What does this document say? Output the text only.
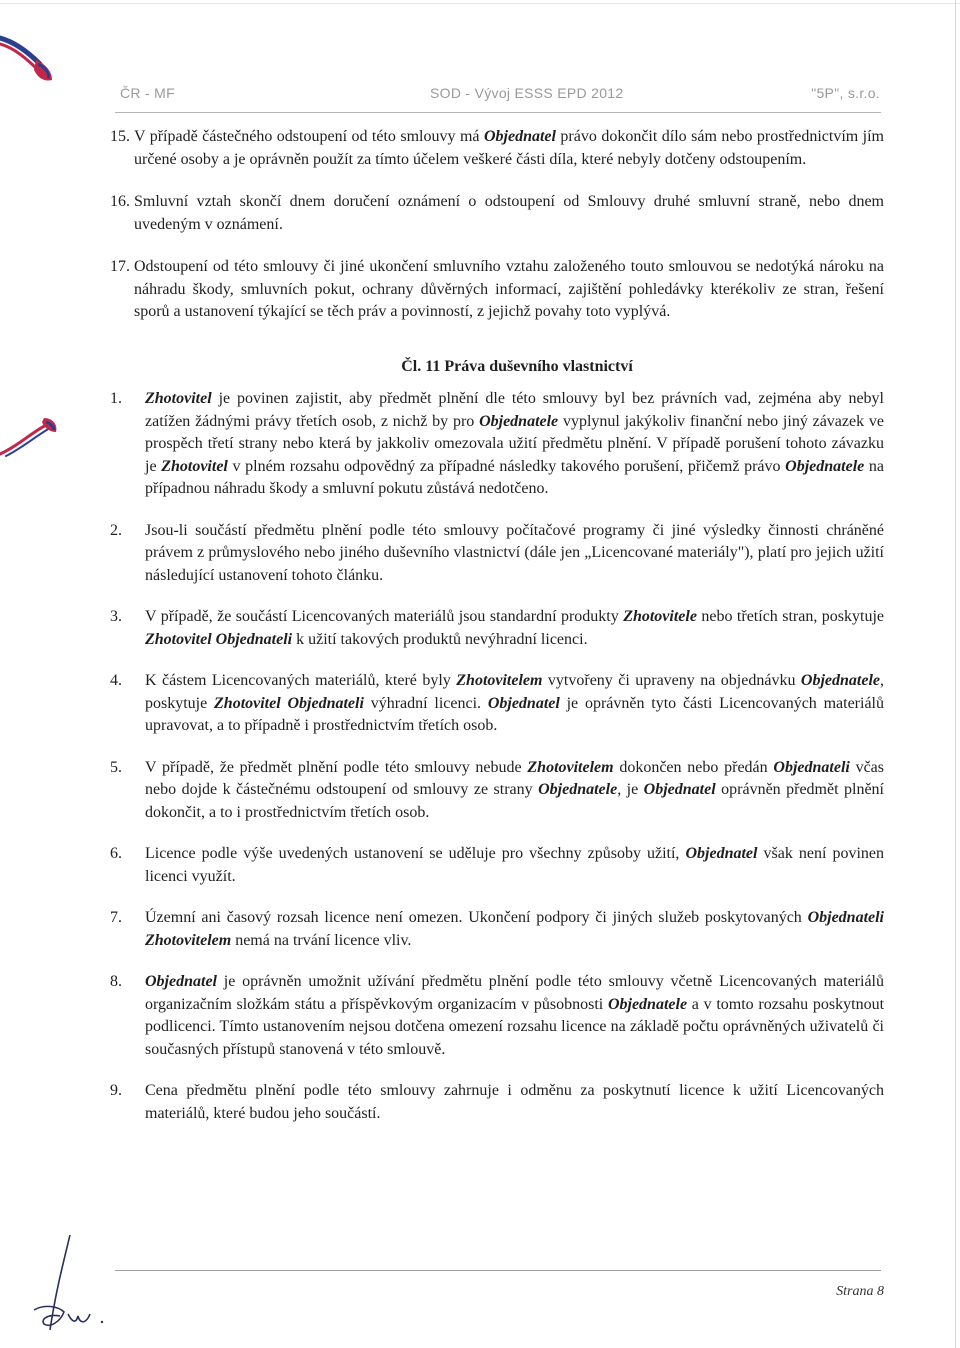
ČR - MF	SOD - Vývoj ESSS EPD 2012	"5P", s.r.o.
15.
V případě částečného odstoupení od této smlouvy má Objednatel právo dokončit dílo sám nebo prostřednictvím jím určené osoby a je oprávněn použít za tímto účelem veškeré části díla, které nebyly dotčeny odstoupením.
16.
Smluvní vztah skončí dnem doručení oznámení o odstoupení od Smlouvy druhé smluvní straně, nebo dnem uvedeným v oznámení.
17.
Odstoupení od této smlouvy či jiné ukončení smluvního vztahu založeného touto smlouvou se nedotýká nároku na náhradu škody, smluvních pokut, ochrany důvěrných informací, zajištění pohledávky kterékoliv ze stran, řešení sporů a ustanovení týkající se těch práv a povinností, z jejichž povahy toto vyplývá.
Čl. 11 Práva duševního vlastnictví
1.	Zhotovitel je povinen zajistit, aby předmět plnění dle této smlouvy byl bez právních vad, zejména aby nebyl zatížen žádnými právy třetích osob, z nichž by pro Objednatele vyplynul jakýkoliv finanční nebo jiný závazek ve prospěch třetí strany nebo která by jakkoliv omezovala užití předmětu plnění. V případě porušení tohoto závazku je Zhotovitel v plném rozsahu odpovědný za případné následky takového porušení, přičemž právo Objednatele na případnou náhradu škody a smluvní pokutu zůstává nedotčeno.
2.	Jsou-li součástí předmětu plnění podle této smlouvy počítačové programy či jiné výsledky činnosti chráněné právem z průmyslového nebo jiného duševního vlastnictví (dále jen „Licencované materiály"), platí pro jejich užití následující ustanovení tohoto článku.
3.	V případě, že součástí Licencovaných materiálů jsou standardní produkty Zhotovitele nebo třetích stran, poskytuje Zhotovitel Objednateli k užití takových produktů nevýhradní licenci.
4.	K částem Licencovaných materiálů, které byly Zhotovitelem vytvořeny či upraveny na objednávku Objednatele, poskytuje Zhotovitel Objednateli výhradní licenci. Objednatel je oprávněn tyto části Licencovaných materiálů upravovat, a to případně i prostřednictvím třetích osob.
5.	V případě, že předmět plnění podle této smlouvy nebude Zhotovitelem dokončen nebo předán Objednateli včas nebo dojde k částečnému odstoupení od smlouvy ze strany Objednatele, je Objednatel oprávněn předmět plnění dokončit, a to i prostřednictvím třetích osob.
6.	Licence podle výše uvedených ustanovení se uděluje pro všechny způsoby užití, Objednatel však není povinen licenci využít.
7.	Územní ani časový rozsah licence není omezen. Ukončení podpory či jiných služeb poskytovaných Objednateli Zhotovitelem nemá na trvání licence vliv.
8.	Objednatel je oprávněn umožnit užívání předmětu plnění podle této smlouvy včetně Licencovaných materiálů organizačním složkám státu a příspěvkovým organizacím v působnosti Objednatele a v tomto rozsahu poskytnout podlicenci. Tímto ustanovením nejsou dotčena omezení rozsahu licence na základě počtu oprávněných uživatelů či současných přístupů stanovená v této smlouvě.
9.	Cena předmětu plnění podle této smlouvy zahrnuje i odměnu za poskytnutí licence k užití Licencovaných materiálů, které budou jeho součástí.
Strana 8
